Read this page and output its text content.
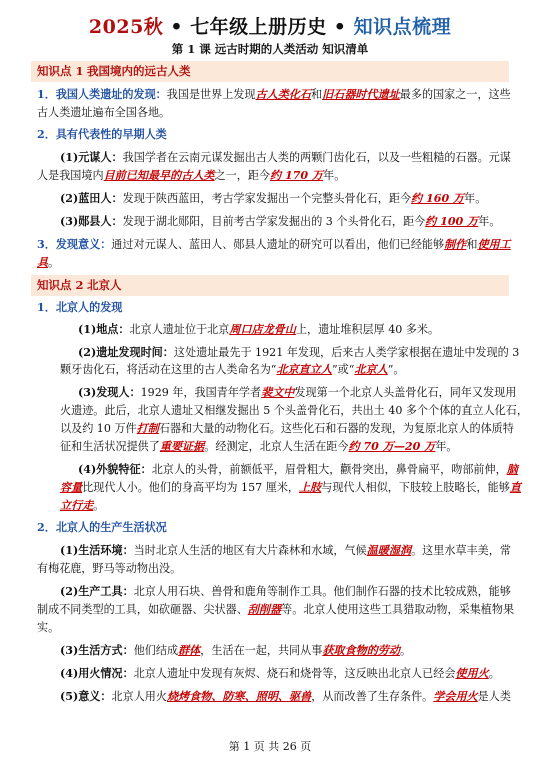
2025秋 • 七年级上册历史 • 知识点梳理
第 1 课 远古时期的人类活动 知识清单
知识点 1 我国境内的远古人类
1．我国人类遗址的发现：我国是世界上发现古人类化石和旧石器时代遗址最多的国家之一，这些
古人类遗址遍布全国各地。
2．具有代表性的早期人类
(1)元谋人：我国学者在云南元谋发掘出古人类的两颗门齿化石，以及一些粗糙的石器。元谋
人是我国境内目前已知最早的古人类之一，距今约 170 万年。
(2)蓝田人：发现于陕西蓝田，考古学家发掘出一个完整头骨化石，距今约 160 万年。
(3)郧县人：发现于湖北郧阳，目前考古学家发掘出的 3 个头骨化石，距今约 100 万年。
3．发现意义：通过对元谋人、蓝田人、郧县人遗址的研究可以看出，他们已经能够制作和使用工
具。
知识点 2 北京人
1．北京人的发现
(1)地点：北京人遗址位于北京周口店龙骨山上，遗址堆积层厚 40 多米。
(2)遗址发现时间：这处遗址最先于 1921 年发现，后来古人类学家根据在遗址中发现的 3
颗牙齿化石，将活动在这里的古人类命名为“北京直立人”或“北京人”。
(3)发现人：1929 年，我国青年学者裴文中发现第一个北京人头盖骨化石，同年又发现用
火遗迹。此后，北京人遗址又相继发掘出 5 个头盖骨化石，共出土 40 多个个体的直立人化石，
以及约 10 万件打制石器和大量的动物化石。这些化石和石器的发现，为复原北京人的体质特
征和生活状况提供了重要证据。经测定，北京人生活在距今约 70 万—20 万年。
(4)外貌特征：北京人的头骨，前额低平，眉骨粗大，颧骨突出，鼻骨扁平，吻部前伸，脑
容量比现代人小。他们的身高平均为 157 厘米，上肢与现代人相似，下肢较上肢略长，能够直
立行走。
2．北京人的生产生活状况
(1)生活环境：当时北京人生活的地区有大片森林和水域，气候温暖湿润。这里水草丰美，常
有梅花鹿，野马等动物出没。
(2)生产工具：北京人用石块、兽骨和鹿角等制作工具。他们制作石器的技术比较成熟，能够
制成不同类型的工具，如砍砸器、尖状器、刮削器等。北京人使用这些工具猎取动物，采集植物果
实。
(3)生活方式：他们结成群体，生活在一起，共同从事获取食物的劳动。
(4)用火情况：北京人遗址中发现有灰烬、烧石和烧骨等，这反映出北京人已经会使用火。
(5)意义：北京人用火烧烤食物、防寒、照明、驱兽，从而改善了生存条件。学会用火是人类
第 1 页 共 26 页
